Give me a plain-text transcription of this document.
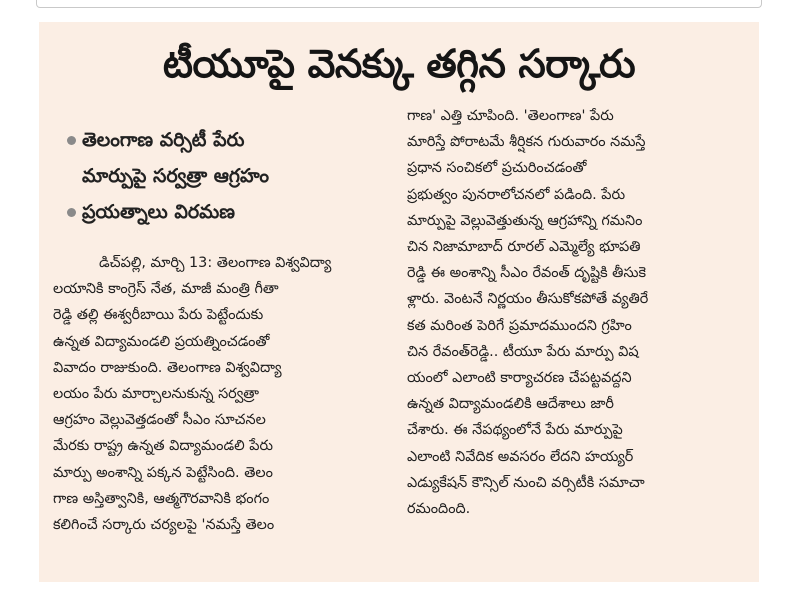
టీయూపై వెనక్కు తగ్గిన సర్కారు
తెలంగాణ వర్సిటీ పేరు
మార్పుపై సర్వత్రా ఆగ్రహం
ప్రయత్నాలు విరమణ
డిచ్‌పల్లి, మార్చి 13: తెలంగాణ విశ్వవిద్యా
లయానికి కాంగ్రెస్ నేత, మాజీ మంత్రి గీతా
రెడ్డి తల్లి ఈశ్వరీబాయి పేరు పెట్టేందుకు
ఉన్నత విద్యామండలి ప్రయత్నించడంతో
వివాదం రాజుకుంది. తెలంగాణ విశ్వవిద్యా
లయం పేరు మార్చాలనుకున్న సర్వత్రా
ఆగ్రహం వెల్లువెత్తడంతో సీఎం సూచనల
మేరకు రాష్ట్ర ఉన్నత విద్యామండలి పేరు
మార్పు అంశాన్ని పక్కన పెట్టేసింది. తెలం
గాణ అస్తిత్వానికి, ఆత్మగౌరవానికి భంగం
కలిగించే సర్కారు చర్యలపై 'నమస్తే తెలం
గాణ' ఎత్తి చూపింది. 'తెలంగాణ' పేరు
మారిస్తే పోరాటమే శీర్షికన గురువారం నమస్తే
ప్రధాన సంచికలో ప్రచురించడంతో
ప్రభుత్వం పునరాలోచనలో పడింది. పేరు
మార్పుపై వెల్లువెత్తుతున్న ఆగ్రహాన్ని గమనిం
చిన నిజామాబాద్ రూరల్ ఎమ్మెల్యే భూపతి
రెడ్డి ఈ అంశాన్ని సీఎం రేవంత్ దృష్టికి తీసుకె
ళ్లారు. వెంటనే నిర్ణయం తీసుకోకపోతే వ్యతిరే
కత మరింత పెరిగే ప్రమాదముందని గ్రహిం
చిన రేవంత్‌రెడ్డి.. టీయూ పేరు మార్పు విష
యంలో ఎలాంటి కార్యాచరణ చేపట్టవద్దని
ఉన్నత విద్యామండలికి ఆదేశాలు జారీ
చేశారు. ఈ నేపథ్యంలోనే పేరు మార్పుపై
ఎలాంటి నివేదిక అవసరం లేదని హయ్యర్
ఎడ్యుకేషన్ కౌన్సిల్ నుంచి వర్సిటీకి సమాచా
రమందింది.
